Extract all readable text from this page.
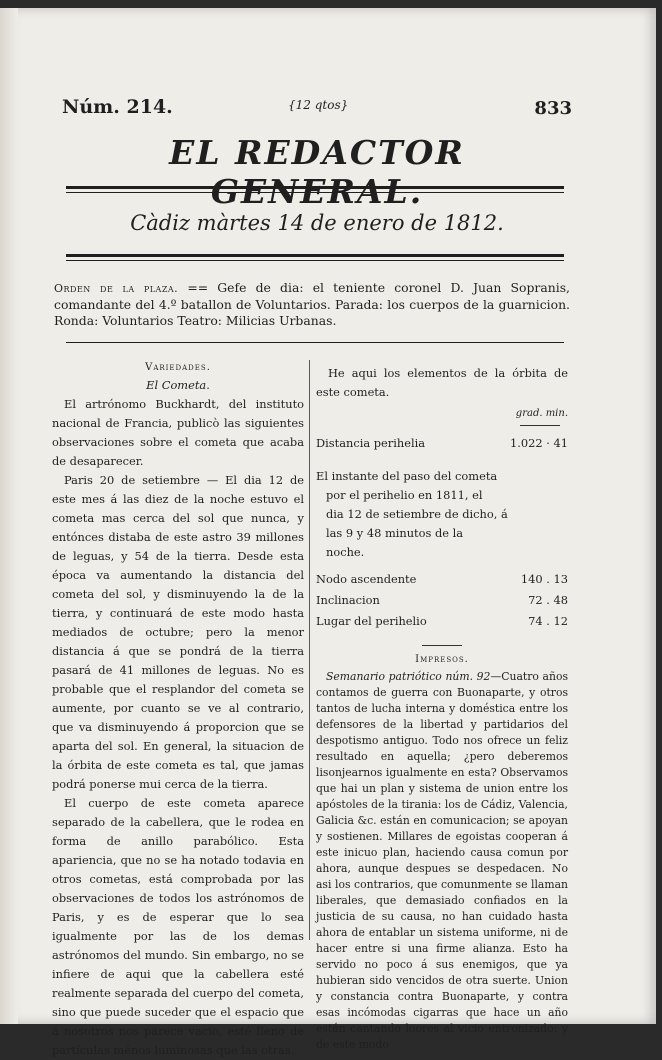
Núm. 214.	{12 qtos}	833
EL REDACTOR
Càdiz màrtes 14 de enero de 1812.
Orden de la plaza. == Gefe de dia: el teniente coronel D. Juan Sopranis, comandante del 4.º batallon de Voluntarios. Parada: los cuerpos de la guarnicion. Ronda: Voluntarios Teatro: Milicias Urbanas.
Variedades.
El Cometa.

El artrónomo Buckhardt, del instituto nacional de Francia, publicò las siguientes observaciones sobre el cometa que acaba de desaparecer.

Paris 20 de setiembre — El dia 12 de este mes á las diez de la noche estuvo el cometa mas cerca del sol que nunca, y entónces distaba de este astro 39 millones de leguas, y 54 de la tierra. Desde esta época va aumentando la distancia del cometa del sol, y disminuyendo la de la tierra, y continuará de este modo hasta mediados de octubre; pero la menor distancia á que se pondrá de la tierra pasará de 41 millones de leguas. No es probable que el resplandor del cometa se aumente, por cuanto se ve al contrario, que va disminuyendo á proporcion que se aparta del sol. En general, la situacion de la órbita de este cometa es tal, que jamas podrá ponerse mui cerca de la tierra.

El cuerpo de este cometa aparece separado de la cabellera, que le rodea en forma de anillo parabólico. Esta apariencia, que no se ha notado todavia en otros cometas, está comprobada por las observaciones de todos los astrónomos de Paris, y es de esperar que lo sea igualmente por las de los demas astrónomos del mundo. Sin embargo, no se infiere de aqui que la cabellera esté realmente separada del cuerpo del cometa, sino que puede suceder que el espacio que á nosotros nos parece vacio, esté lleno de partículas ménos luminosas que las otras.

He aqui los elementos de la órbita de este cometa.

grad. min.
Distancia perihelia	1.022 · 41
El instante del paso del cometa
por el perihelio en 1811, el
dia 12 de setiembre de dicho, á
las 9 y 48 minutos de la
noche.
Nodo ascendente	140 . 13
Inclinacion	72 . 48
Lugar del perihelio	74 . 12
Impresos.

Semanario patriótico núm. 92—Cuatro años contamos de guerra con Buonaparte, y otros tantos de lucha interna y doméstica entre los defensores de la libertad y partidarios del despotismo antiguo. Todo nos ofrece un feliz resultado en aquella; ¿pero deberemos lisonjearnos igualmente en esta? Observamos que hai un plan y sistema de union entre los apóstoles de la tirania: los de Cádiz, Valencia, Galicia &c. están en comunicacion; se apoyan y sostienen. Millares de egoistas cooperan á este inicuo plan, haciendo causa comun por ahora, aunque despues se despedacen. No asi los contrarios, que comunmente se llaman liberales, que demasiado confiados en la justicia de su causa, no han cuidado hasta ahora de entablar un sistema uniforme, ni de hacer entre si una firme alianza. Esto ha servido no poco á sus enemigos, que ya hubieran sido vencidos de otra suerte. Union y constancia contra Buonaparte, y contra esas incómodas cigarras que hace un año están cantando loores al vicio entronizado: y de este modo
